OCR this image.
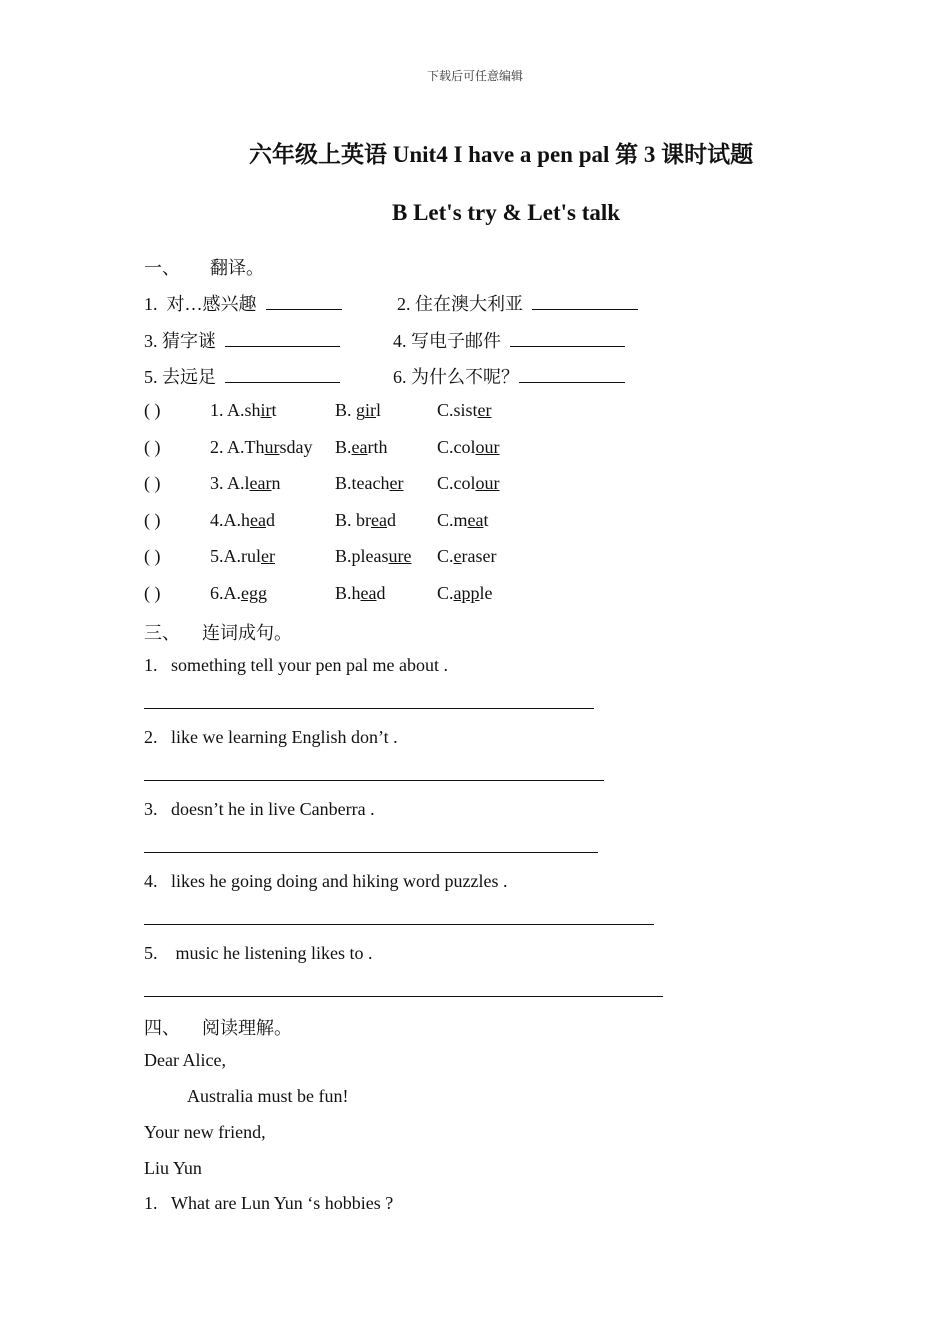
下载后可任意编辑
六年级上英语 Unit4 I have a pen pal 第 3 课时试题
B Let's try & Let's talk
一、 翻译。
1. 对…感兴趣	2. 住在澳大利亚
3. 猜字谜	4. 写电子邮件
5. 去远足	6. 为什么不呢？
( )	1. A.shirt	B. girl	C.sister
( )	2. A.Thursday B.earth	C.colour
( )	3. A.learn	B.teacher C.colour
( )	4.A.head	B. bread C.meat
( )	5.A.ruler	B.pleasure C.eraser
( )	6.A.egg	B.head	C.apple
三、 连词成句。
1. something tell your pen pal me about .
2. like we learning English don’t .
3. doesn’t he in live Canberra .
4. likes he going doing and hiking word puzzles .
5.    music he listening likes to .
四、 阅读理解。
Dear Alice,
Australia must be fun!
Your new friend,
Liu Yun
1. What are Lun Yun ‘s hobbies ?
